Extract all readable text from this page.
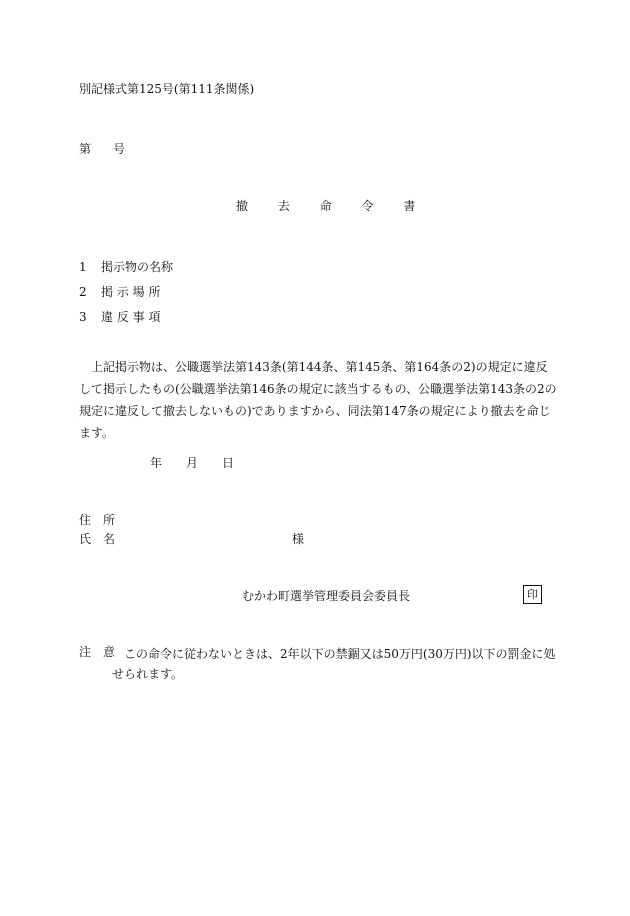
別記様式第125号(第111条関係)
第 号
撤 去 命 令 書
1	掲示物の名称
2	掲 示 場 所
3	違 反 事 項
上記掲示物は、公職選挙法第143条(第144条、第145条、第164条の2)の規定に違反して掲示したもの(公職選挙法第146条の規定に該当するもの、公職選挙法第143条の2の規定に違反して撤去しないもの)でありますから、同法第147条の規定により撤去を命じます。
年 月 日
住　所
氏　名	様
むかわ町選挙管理委員会委員長	印
注　意 この命令に従わないときは、2年以下の禁錮又は50万円(30万円)以下の罰金に処
せられます。
